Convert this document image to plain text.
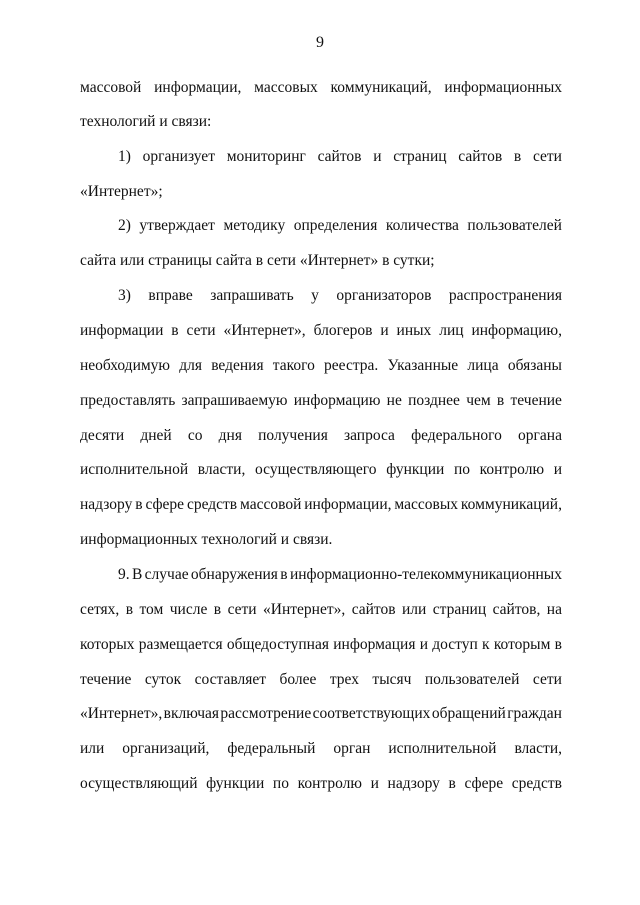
9
массовой информации, массовых коммуникаций, информационных
технологий и связи:
1) организует мониторинг сайтов и страниц сайтов в сети
«Интернет»;
2) утверждает методику определения количества пользователей
сайта или страницы сайта в сети «Интернет» в сутки;
3) вправе запрашивать у организаторов распространения
информации в сети «Интернет», блогеров и иных лиц информацию,
необходимую для ведения такого реестра. Указанные лица обязаны
предоставлять запрашиваемую информацию не позднее чем в течение
десяти дней со дня получения запроса федерального органа
исполнительной власти, осуществляющего функции по контролю и
надзору в сфере средств массовой информации, массовых коммуникаций,
информационных технологий и связи.
9. В случае обнаружения в информационно-телекоммуникационных
сетях, в том числе в сети «Интернет», сайтов или страниц сайтов, на
которых размещается общедоступная информация и доступ к которым в
течение суток составляет более трех тысяч пользователей сети
«Интернет», включая рассмотрение соответствующих обращений граждан
или организаций, федеральный орган исполнительной власти,
осуществляющий функции по контролю и надзору в сфере средств
